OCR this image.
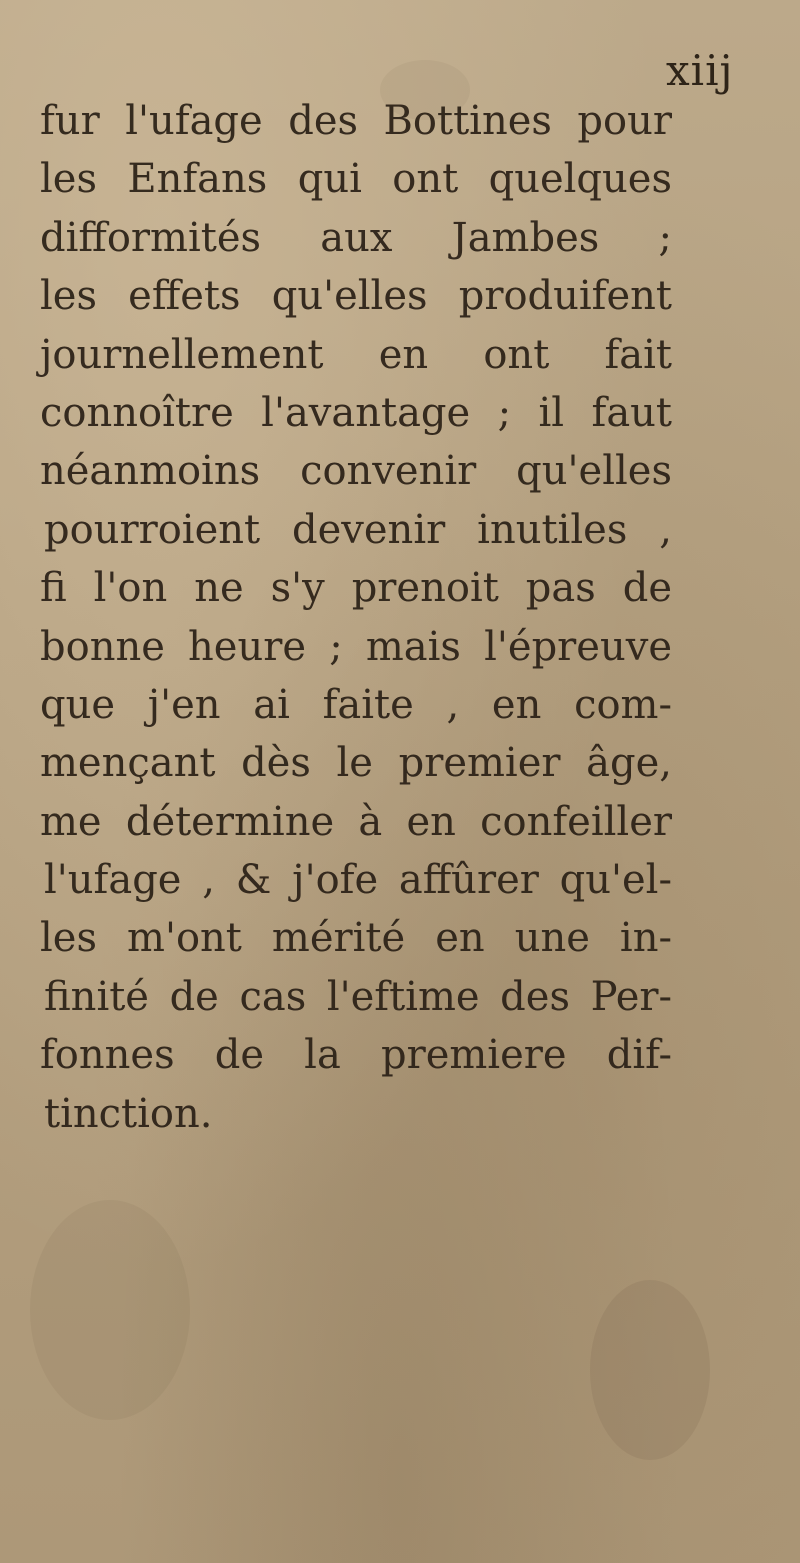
xiij
fur l'ufage des Bottines pour
les Enfans qui ont quelques
difformités aux Jambes ;
les effets qu'elles produifent
journellement en ont fait
connoître l'avantage ; il faut
néanmoins convenir qu'elles
pourroient devenir inutiles ,
fi l'on ne s'y prenoit pas de
bonne heure ; mais l'épreuve
que j'en ai faite , en com-
mençant dès le premier âge,
me détermine à en confeiller
l'ufage , & j'ofe affûrer qu'el-
les m'ont mérité en une in-
finité de cas l'eftime des Per-
fonnes de la premiere dif-
tinction.
